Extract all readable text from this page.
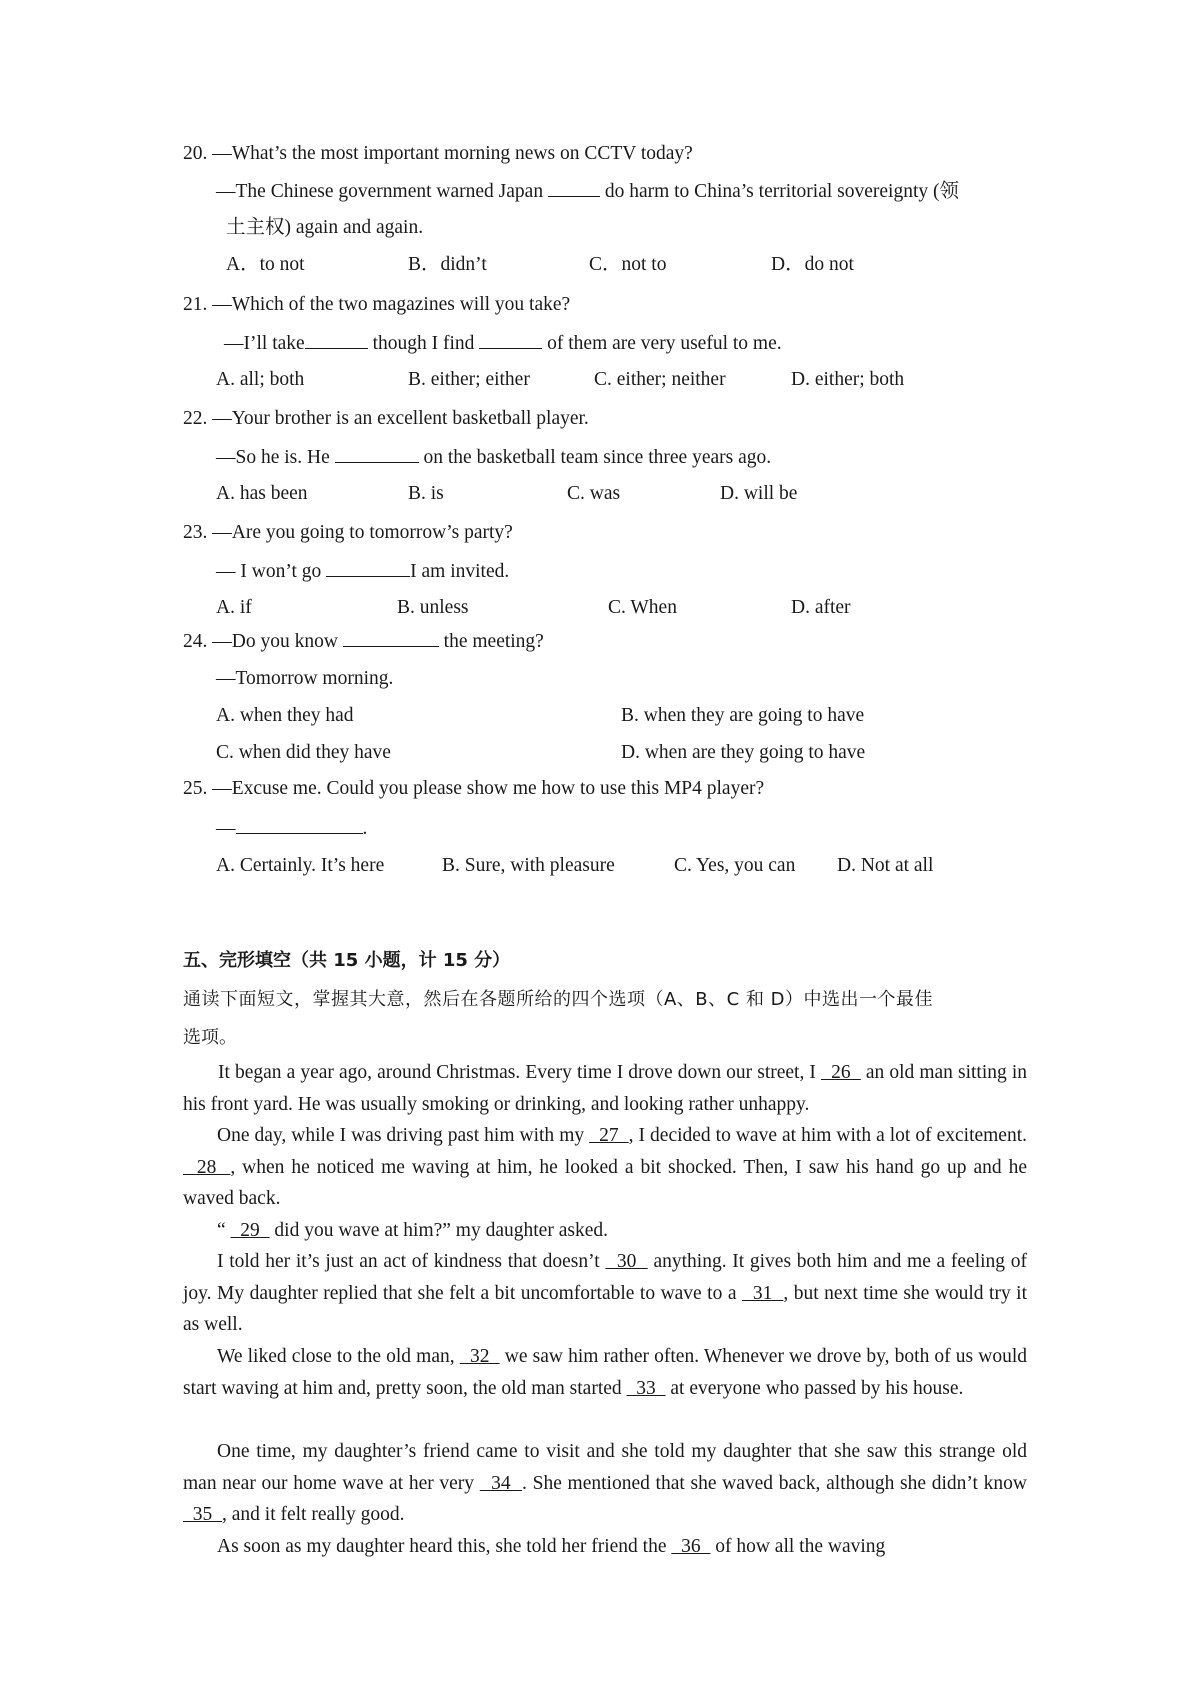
20. —What’s the most important morning news on CCTV today?
—The Chinese government warned Japan	do harm to China’s territorial sovereignty (领
土主权) again and again.
A．to not	B．didn’t	C．not to	D．do not
21. —Which of the two magazines will you take?
—I’ll take	though I find	of them are very useful to me.
A. all; both	B. either; either	C. either; neither	D. either; both
22. —Your brother is an excellent basketball player.
—So he is. He	on the basketball team since three years ago.
A. has been	B. is	C. was	D. will be
23. —Are you going to tomorrow’s party?
— I won’t go	I am invited.
A. if	B. unless	C. When	D. after
24. —Do you know	the meeting?
—Tomorrow morning.
A. when they had	B. when they are going to have
C. when did they have	D. when are they going to have
25. —Excuse me. Could you please show me how to use this MP4 player?
—	.
A. Certainly. It’s here	B. Sure, with pleasure	C. Yes, you can D. Not at all
五、完形填空（共 15 小题，计 15 分）
通读下面短文，掌握其大意，然后在各题所给的四个选项（A、B、C 和 D）中选出一个最佳
选项。
It began a year ago, around Christmas. Every time I drove down our street, I   26   an old man sitting in his front yard. He was usually smoking or drinking, and looking rather unhappy.
One day, while I was driving past him with my   27  , I decided to wave at him with a lot of excitement.   28  , when he noticed me waving at him, he looked a bit shocked. Then, I saw his hand go up and he waved back.
“   29   did you wave at him?” my daughter asked.
I told her it’s just an act of kindness that doesn’t   30   anything. It gives both him and me a feeling of joy. My daughter replied that she felt a bit uncomfortable to wave to a   31  , but next time she would try it as well.
We liked close to the old man,   32   we saw him rather often. Whenever we drove by, both of us would start waving at him and, pretty soon, the old man started   33   at everyone who passed by his house.
One time, my daughter’s friend came to visit and she told my daughter that she saw this strange old man near our home wave at her very   34  . She mentioned that she waved back, although she didn’t know   35  , and it felt really good.
As soon as my daughter heard this, she told her friend the   36   of how all the waving
